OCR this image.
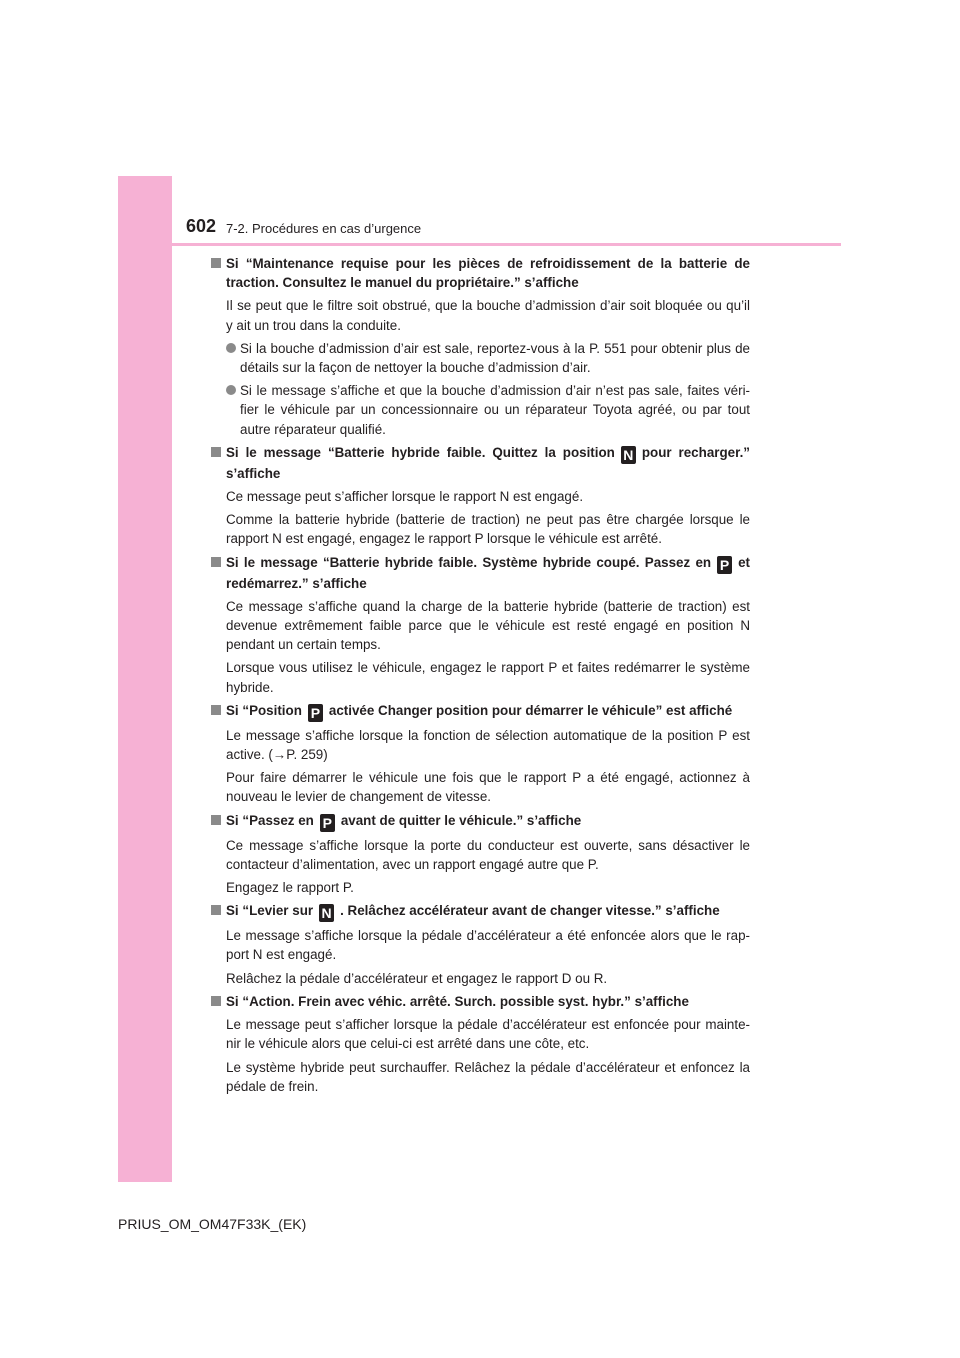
602 7-2. Procédures en cas d’urgence
Si “Maintenance requise pour les pièces de refroidissement de la batterie de traction. Consultez le manuel du propriétaire.” s’affiche

Il se peut que le filtre soit obstrué, que la bouche d’admission d’air soit bloquée ou qu’il y ait un trou dans la conduite.

Si la bouche d’admission d’air est sale, reportez-vous à la P. 551 pour obtenir plus de détails sur la façon de nettoyer la bouche d’admission d’air.
Si le message s’affiche et que la bouche d’admission d’air n’est pas sale, faites véri- fier le véhicule par un concessionnaire ou un réparateur Toyota agréé, ou par tout autre réparateur qualifié.
Si le message “Batterie hybride faible. Quittez la position N pour recharger.” s’affiche

Ce message peut s’afficher lorsque le rapport N est engagé.

Comme la batterie hybride (batterie de traction) ne peut pas être chargée lorsque le rapport N est engagé, engagez le rapport P lorsque le véhicule est arrêté.

Si le message “Batterie hybride faible. Système hybride coupé. Passez en P et redémarrez.” s’affiche

Ce message s’affiche quand la charge de la batterie hybride (batterie de traction) est devenue extrêmement faible parce que le véhicule est resté engagé en position N pendant un certain temps.

Lorsque vous utilisez le véhicule, engagez le rapport P et faites redémarrer le système hybride.

Si “Position P activée Changer position pour démarrer le véhicule” est affiché

Le message s’affiche lorsque la fonction de sélection automatique de la position P est active. (→P. 259)

Pour faire démarrer le véhicule une fois que le rapport P a été engagé, actionnez à nouveau le levier de changement de vitesse.

Si “Passez en P avant de quitter le véhicule.” s’affiche

Ce message s’affiche lorsque la porte du conducteur est ouverte, sans désactiver le contacteur d’alimentation, avec un rapport engagé autre que P.

Engagez le rapport P.

Si “Levier sur N . Relâchez accélérateur avant de changer vitesse.” s’affiche

Le message s’affiche lorsque la pédale d’accélérateur a été enfoncée alors que le rap- port N est engagé.

Relâchez la pédale d’accélérateur et engagez le rapport D ou R.

Si “Action. Frein avec véhic. arrêté. Surch. possible syst. hybr.” s’affiche

Le message peut s’afficher lorsque la pédale d’accélérateur est enfoncée pour mainte- nir le véhicule alors que celui-ci est arrêté dans une côte, etc.

Le système hybride peut surchauffer. Relâchez la pédale d’accélérateur et enfoncez la pédale de frein.

PRIUS_OM_OM47F33K_(EK)
